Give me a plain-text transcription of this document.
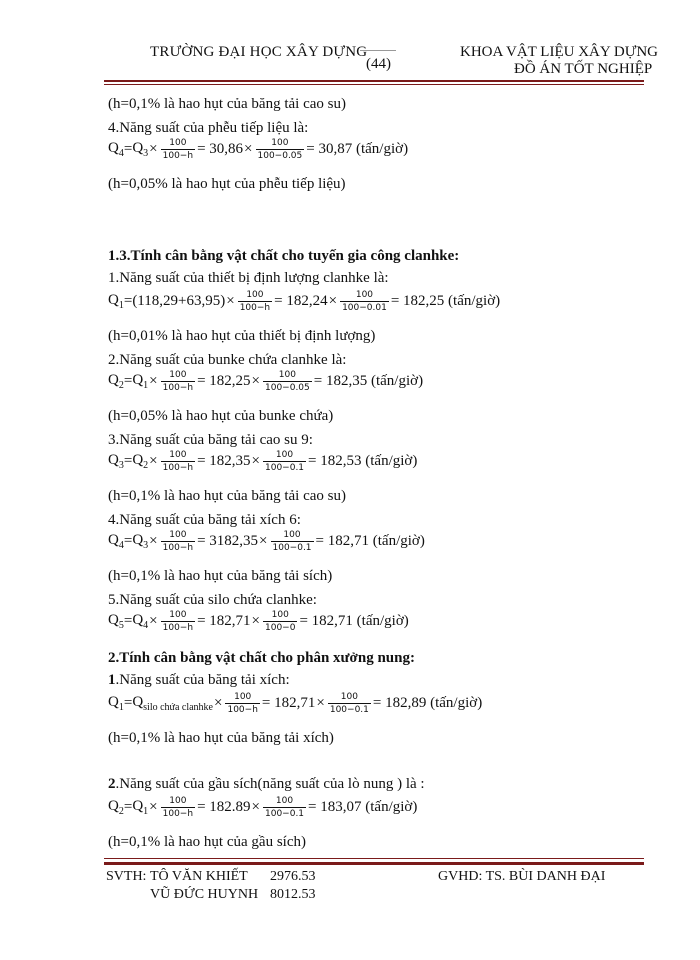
TRƯỜNG ĐẠI HỌC XÂY DỰNG
(44)
KHOA VẬT LIỆU XÂY DỰNG
ĐỒ ÁN TỐT NGHIỆP
(h=0,1% là hao hụt của băng tải cao su)
4.Năng suất của phễu tiếp liệu là:
$Q_4 = Q_3 \times \frac{100}{100-h} = 30,86 \times \frac{100}{100-0.05} = 30,87$ (tấn/giờ)
(h=0,05% là hao hụt của phễu tiếp liệu)
1.3.Tính cân bằng vật chất cho tuyến gia công clanhke:
1.Năng suất của thiết bị định lượng clanhke là:
$Q_1 = (118,29+63,95) \times \frac{100}{100-h} = 182,24 \times \frac{100}{100-0.01} = 182,25$ (tấn/giờ)
(h=0,01% là hao hụt của thiết bị định lượng)
2.Năng suất của bunke chứa clanhke là:
$Q_2 = Q_1 \times \frac{100}{100-h} = 182,25 \times \frac{100}{100-0.05} = 182,35$ (tấn/giờ)
(h=0,05% là hao hụt của bunke chứa)
3.Năng suất của băng tải cao su 9:
$Q_3 = Q_2 \times \frac{100}{100-h} = 182,35 \times \frac{100}{100-0.1} = 182,53$ (tấn/giờ)
(h=0,1% là hao hụt của băng tải cao su)
4.Năng suất của băng tải xích 6:
$Q_4 = Q_3 \times \frac{100}{100-h} = 3182,35 \times \frac{100}{100-0.1} = 182,71$ (tấn/giờ)
(h=0,1% là hao hụt của băng tải sích)
5.Năng suất của silo chứa clanhke:
$Q_5 = Q_4 \times \frac{100}{100-h} = 182,71 \times \frac{100}{100-0} = 182,71$ (tấn/giờ)
2.Tính cân bằng vật chất cho phân xưởng nung:
1.Năng suất của băng tải xích:
$Q_1 = Q_{silo chứa clanhke} \times \frac{100}{100-h} = 182,71 \times \frac{100}{100-0.1} = 182,89$ (tấn/giờ)
(h=0,1% là hao hụt của băng tải xích)
2.Năng suất của gầu sích(năng suất của lò nung ) là :
$Q_2 = Q_1 \times \frac{100}{100-h} = 182.89 \times \frac{100}{100-0.1} = 183,07$ (tấn/giờ)
(h=0,1% là hao hụt của gầu sích)
SVTH: TÔ VĂN KHIẾT 2976.53
VŨ ĐỨC HUYNH 8012.53
GVHD: TS. BÙI DANH ĐẠI
